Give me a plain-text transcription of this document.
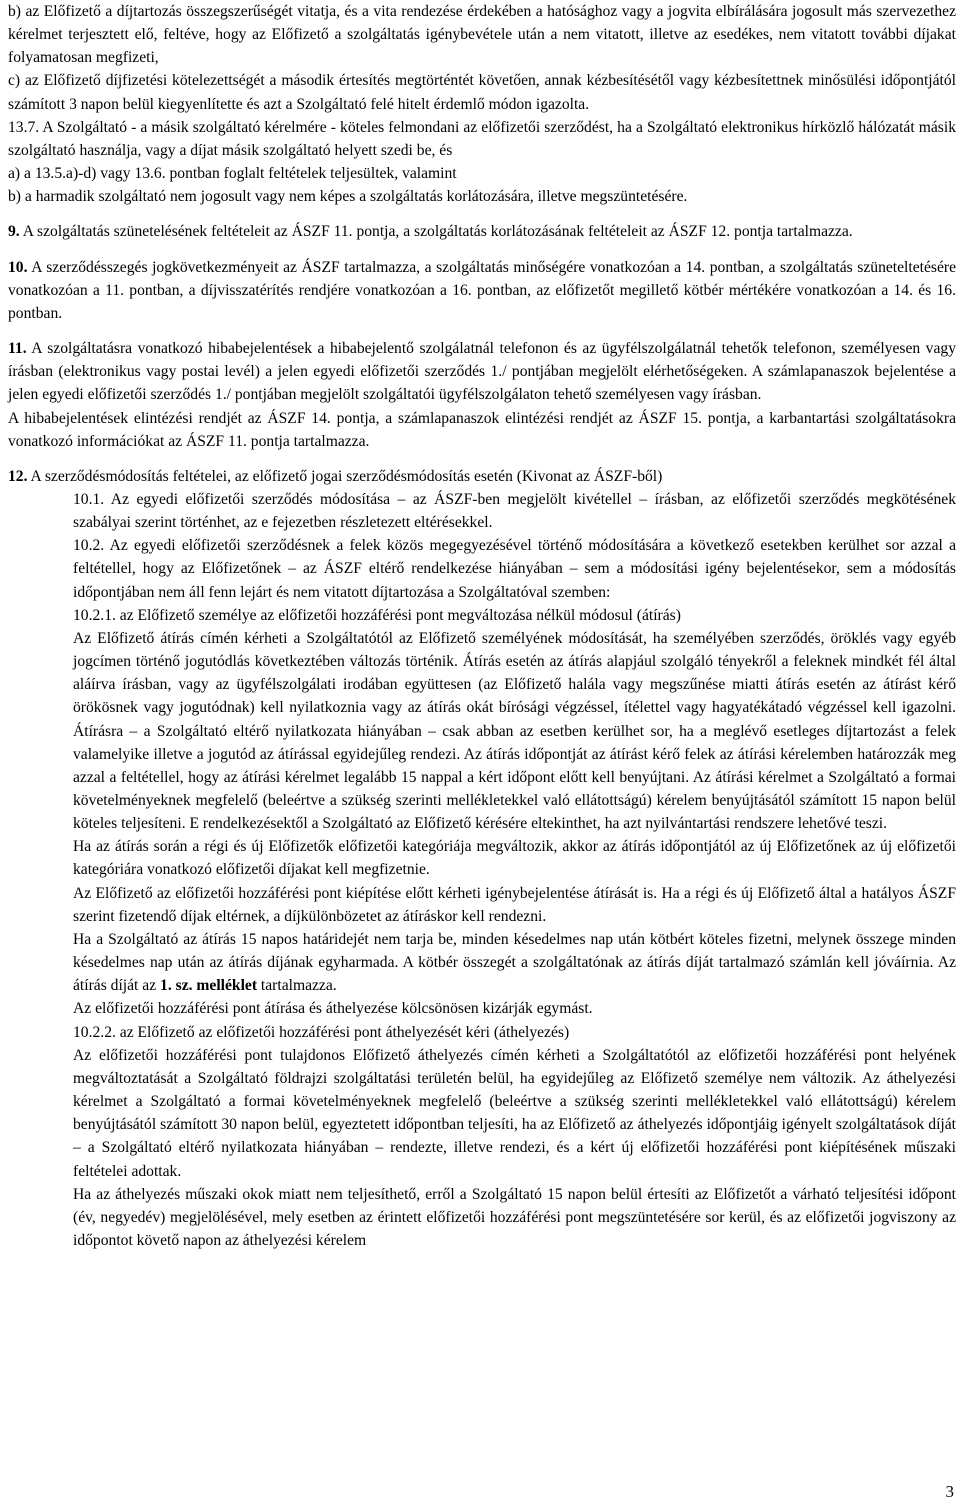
b) az Előfizető a díjtartozás összegszerűségét vitatja, és a vita rendezése érdekében a hatósághoz vagy a jogvita elbírálására jogosult más szervezethez kérelmet terjesztett elő, feltéve, hogy az Előfizető a szolgáltatás igénybevétele után a nem vitatott, illetve az esedékes, nem vitatott további díjakat folyamatosan megfizeti,

c) az Előfizető díjfizetési kötelezettségét a második értesítés megtörténtét követően, annak kézbesítésétől vagy kézbesítettnek minősülési időpontjától számított 3 napon belül kiegyenlítette és azt a Szolgáltató felé hitelt érdemlő módon igazolta.

13.7. A Szolgáltató - a másik szolgáltató kérelmére - köteles felmondani az előfizetői szerződést, ha a Szolgáltató elektronikus hírközlő hálózatát másik szolgáltató használja, vagy a díjat másik szolgáltató helyett szedi be, és

a) a 13.5.a)-d) vagy 13.6. pontban foglalt feltételek teljesültek, valamint

b) a harmadik szolgáltató nem jogosult vagy nem képes a szolgáltatás korlátozására, illetve megszüntetésére.

9. A szolgáltatás szünetelésének feltételeit az ÁSZF 11. pontja, a szolgáltatás korlátozásának feltételeit az ÁSZF 12. pontja tartalmazza.

10. A szerződésszegés jogkövetkezményeit az ÁSZF tartalmazza, a szolgáltatás minőségére vonatkozóan a 14. pontban, a szolgáltatás szüneteltetésére vonatkozóan a 11. pontban, a díjvisszatérítés rendjére vonatkozóan a 16. pontban, az előfizetőt megillető kötbér mértékére vonatkozóan a 14. és 16. pontban.

11. A szolgáltatásra vonatkozó hibabejelentések a hibabejelentő szolgálatnál telefonon és az ügyfélszolgálatnál tehetők telefonon, személyesen vagy írásban (elektronikus vagy postai levél) a jelen egyedi előfizetői szerződés 1./ pontjában megjelölt elérhetőségeken. A számlapanaszok bejelentése a jelen egyedi előfizetői szerződés 1./ pontjában megjelölt szolgáltatói ügyfélszolgálaton tehető személyesen vagy írásban.

A hibabejelentések elintézési rendjét az ÁSZF 14. pontja, a számlapanaszok elintézési rendjét az ÁSZF 15. pontja, a karbantartási szolgáltatásokra vonatkozó információkat az ÁSZF 11. pontja tartalmazza.

12. A szerződésmódosítás feltételei, az előfizető jogai szerződésmódosítás esetén (Kivonat az ÁSZF-ből)

10.1. Az egyedi előfizetői szerződés módosítása – az ÁSZF-ben megjelölt kivétellel – írásban, az előfizetői szerződés megkötésének szabályai szerint történhet, az e fejezetben részletezett eltérésekkel.

10.2. Az egyedi előfizetői szerződésnek a felek közös megegyezésével történő módosítására a következő esetekben kerülhet sor azzal a feltétellel, hogy az Előfizetőnek – az ÁSZF eltérő rendelkezése hiányában – sem a módosítási igény bejelentésekor, sem a módosítás időpontjában nem áll fenn lejárt és nem vitatott díjtartozása a Szolgáltatóval szemben:

10.2.1. az Előfizető személye az előfizetői hozzáférési pont megváltozása nélkül módosul (átírás)

Az Előfizető átírás címén kérheti a Szolgáltatótól az Előfizető személyének módosítását, ha személyében szerződés, öröklés vagy egyéb jogcímen történő jogutódlás következtében változás történik. Átírás esetén az átírás alapjául szolgáló tényekről a feleknek mindkét fél által aláírva írásban, vagy az ügyfélszolgálati irodában együttesen (az Előfizető halála vagy megszűnése miatti átírás esetén az átírást kérő örökösnek vagy jogutódnak) kell nyilatkoznia vagy az átírás okát bírósági végzéssel, ítélettel vagy hagyatékátadó végzéssel kell igazolni. Átírásra – a Szolgáltató eltérő nyilatkozata hiányában – csak abban az esetben kerülhet sor, ha a meglévő esetleges díjtartozást a felek valamelyike illetve a jogutód az átírással egyidejűleg rendezi. Az átírás időpontját az átírást kérő felek az átírási kérelemben határozzák meg azzal a feltétellel, hogy az átírási kérelmet legalább 15 nappal a kért időpont előtt kell benyújtani. Az átírási kérelmet a Szolgáltató a formai követelményeknek megfelelő (beleértve a szükség szerinti mellékletekkel való ellátottságú) kérelem benyújtásától számított 15 napon belül köteles teljesíteni. E rendelkezésektől a Szolgáltató az Előfizető kérésére eltekinthet, ha azt nyilvántartási rendszere lehetővé teszi.

Ha az átírás során a régi és új Előfizetők előfizetői kategóriája megváltozik, akkor az átírás időpontjától az új Előfizetőnek az új előfizetői kategóriára vonatkozó előfizetői díjakat kell megfizetnie.

Az Előfizető az előfizetői hozzáférési pont kiépítése előtt kérheti igénybejelentése átírását is. Ha a régi és új Előfizető által a hatályos ÁSZF szerint fizetendő díjak eltérnek, a díjkülönbözetet az átíráskor kell rendezni.

Ha a Szolgáltató az átírás 15 napos határidejét nem tarja be, minden késedelmes nap után kötbért köteles fizetni, melynek összege minden késedelmes nap után az átírás díjának egyharmada. A kötbér összegét a szolgáltatónak az átírás díját tartalmazó számlán kell jóváírnia. Az átírás díját az 1. sz. melléklet tartalmazza.

Az előfizetői hozzáférési pont átírása és áthelyezése kölcsönösen kizárják egymást.

10.2.2. az Előfizető az előfizetői hozzáférési pont áthelyezését kéri (áthelyezés)

Az előfizetői hozzáférési pont tulajdonos Előfizető áthelyezés címén kérheti a Szolgáltatótól az előfizetői hozzáférési pont helyének megváltoztatását a Szolgáltató földrajzi szolgáltatási területén belül, ha egyidejűleg az Előfizető személye nem változik. Az áthelyezési kérelmet a Szolgáltató a formai követelményeknek megfelelő (beleértve a szükség szerinti mellékletekkel való ellátottságú) kérelem benyújtásától számított 30 napon belül, egyeztetett időpontban teljesíti, ha az Előfizető az áthelyezés időpontjáig igényelt szolgáltatások díját – a Szolgáltató eltérő nyilatkozata hiányában – rendezte, illetve rendezi, és a kért új előfizetői hozzáférési pont kiépítésének műszaki feltételei adottak.

Ha az áthelyezés műszaki okok miatt nem teljesíthető, erről a Szolgáltató 15 napon belül értesíti az Előfizetőt a várható teljesítési időpont (év, negyedév) megjelölésével, mely esetben az érintett előfizetői hozzáférési pont megszüntetésére sor kerül, és az előfizetői jogviszony az időpontot követő napon az áthelyezési kérelem

3
